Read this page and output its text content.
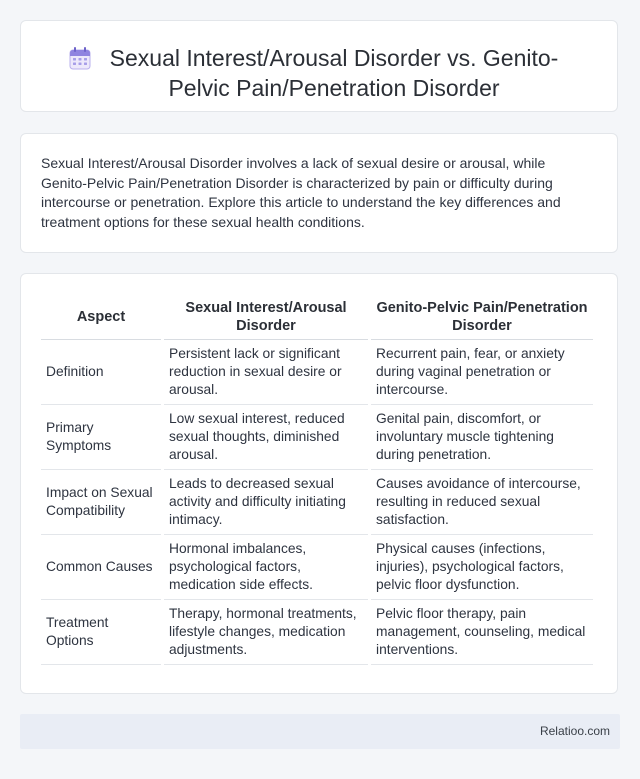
Sexual Interest/Arousal Disorder vs. Genito-Pelvic Pain/Penetration Disorder

Sexual Interest/Arousal Disorder involves a lack of sexual desire or arousal, while Genito-Pelvic Pain/Penetration Disorder is characterized by pain or difficulty during intercourse or penetration. Explore this article to understand the key differences and treatment options for these sexual health conditions.

Aspect	Sexual Interest/Arousal Disorder	Genito-Pelvic Pain/Penetration Disorder
Definition	Persistent lack or significant reduction in sexual desire or arousal.	Recurrent pain, fear, or anxiety during vaginal penetration or intercourse.
Primary Symptoms	Low sexual interest, reduced sexual thoughts, diminished arousal.	Genital pain, discomfort, or involuntary muscle tightening during penetration.
Impact on Sexual Compatibility	Leads to decreased sexual activity and difficulty initiating intimacy.	Causes avoidance of intercourse, resulting in reduced sexual satisfaction.
Common Causes	Hormonal imbalances, psychological factors, medication side effects.	Physical causes (infections, injuries), psychological factors, pelvic floor dysfunction.
Treatment Options	Therapy, hormonal treatments, lifestyle changes, medication adjustments.	Pelvic floor therapy, pain management, counseling, medical interventions.
Relatioo.com
